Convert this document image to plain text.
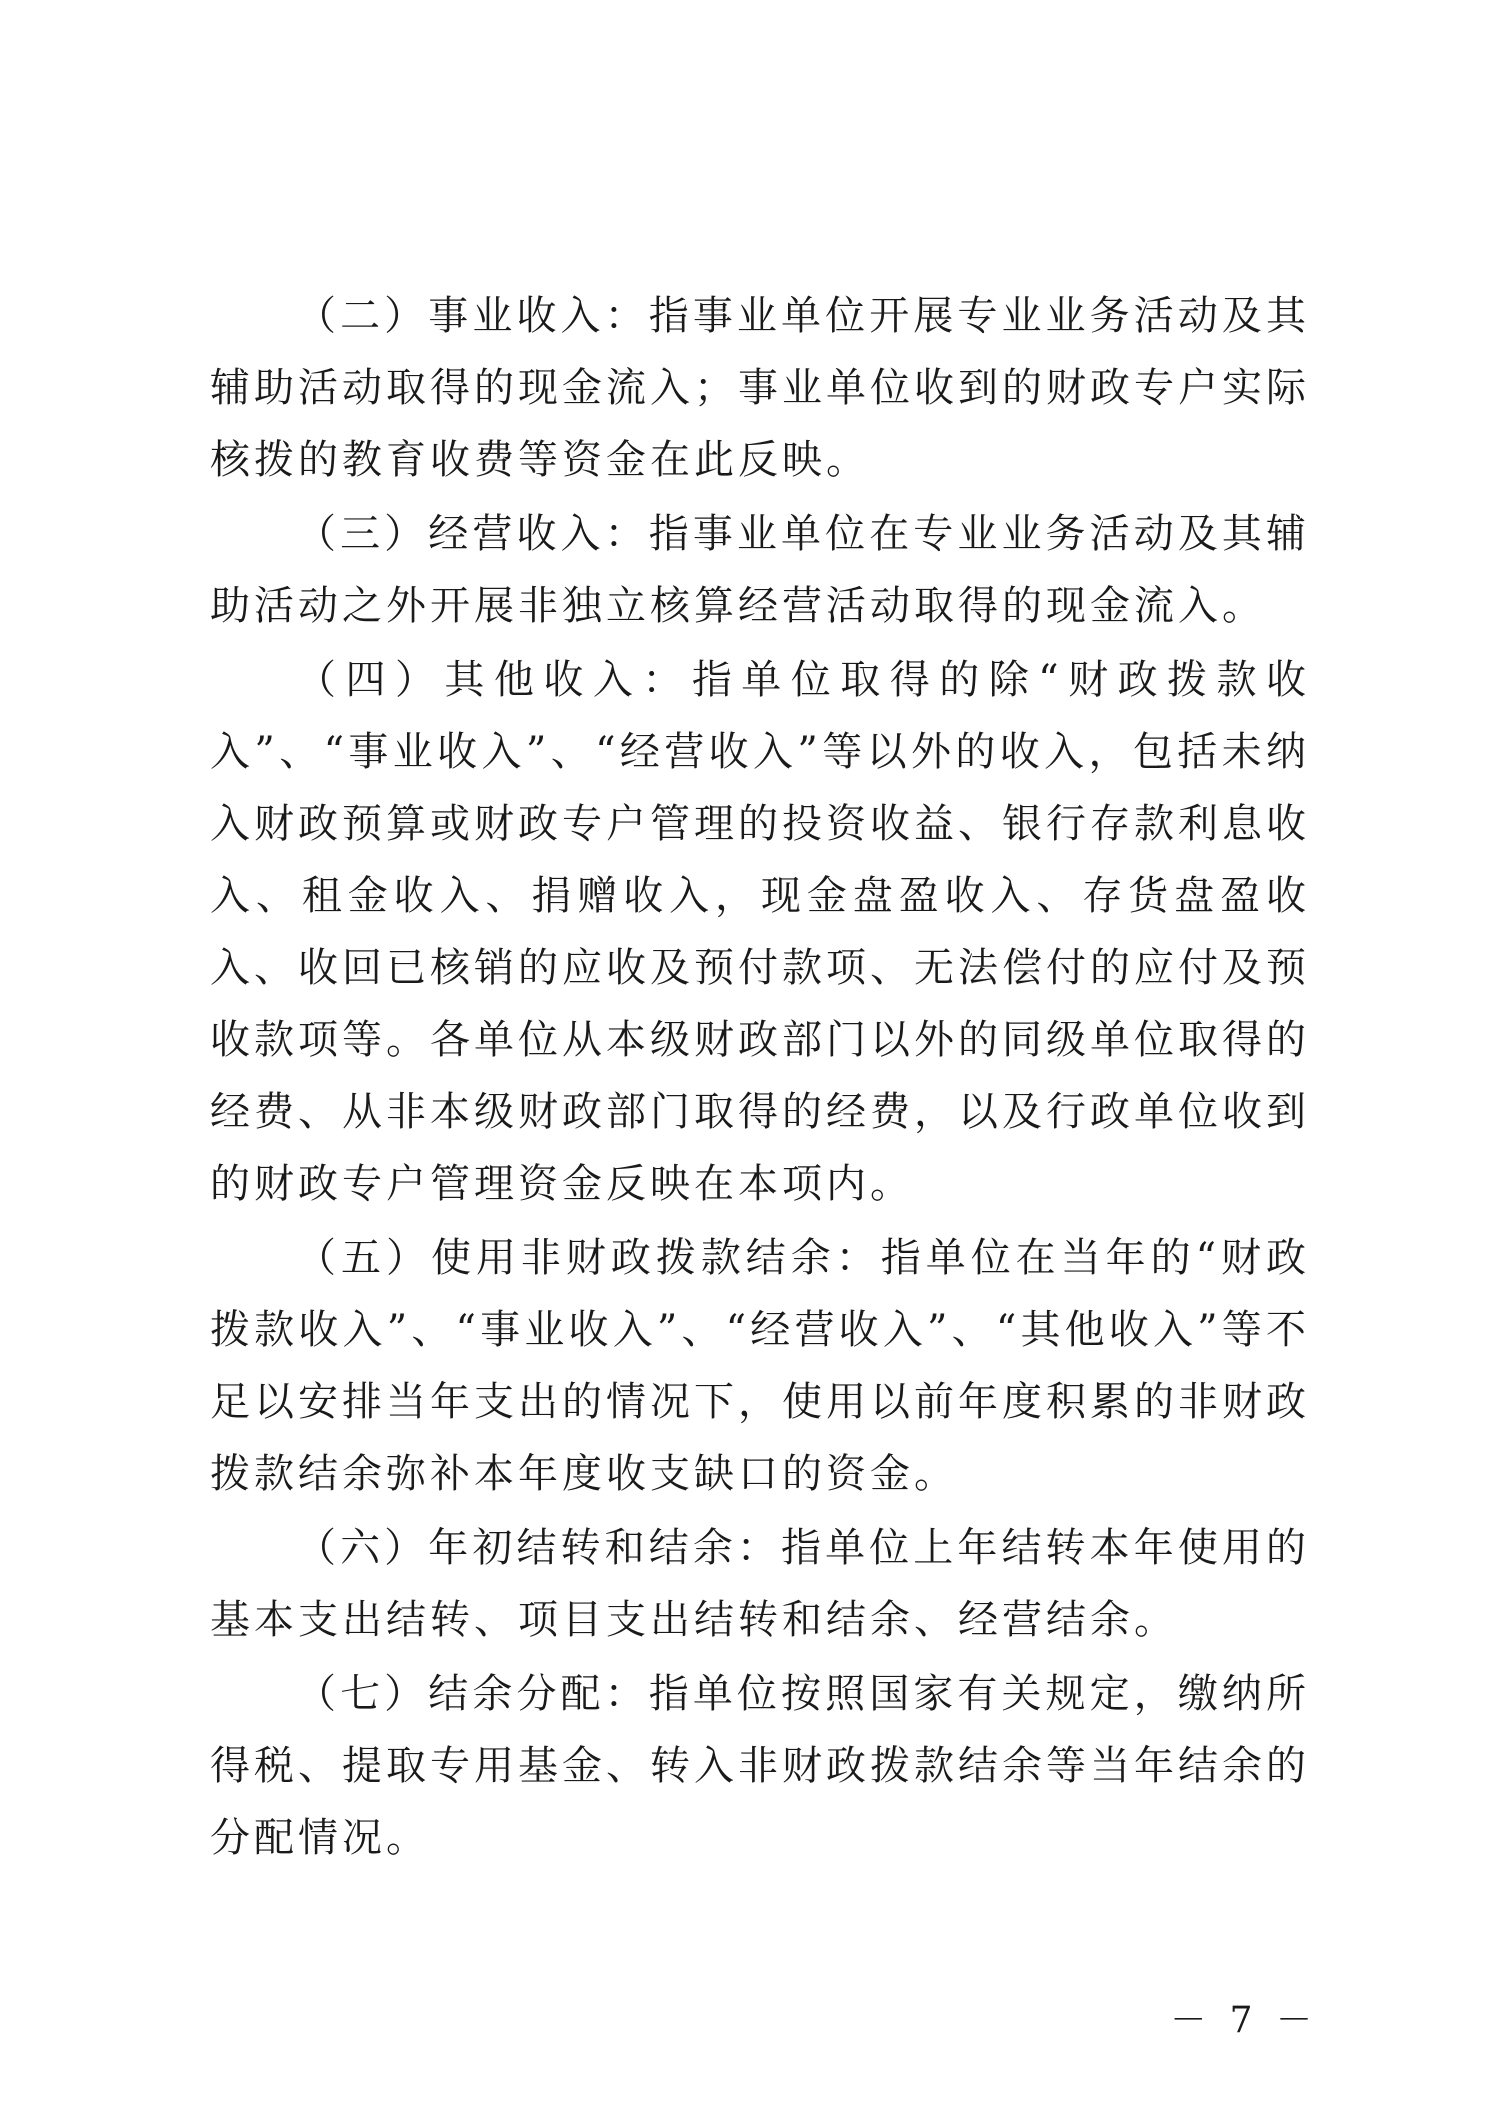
（二）事业收入：指事业单位开展专业业务活动及其辅助活动取得的现金流入；事业单位收到的财政专户实际核拨的教育收费等资金在此反映。

（三）经营收入：指事业单位在专业业务活动及其辅助活动之外开展非独立核算经营活动取得的现金流入。

（四）其他收入：指单位取得的除“财政拨款收入”、“事业收入”、“经营收入”等以外的收入，包括未纳入财政预算或财政专户管理的投资收益、银行存款利息收入、租金收入、捐赠收入，现金盘盈收入、存货盘盈收入、收回已核销的应收及预付款项、无法偿付的应付及预收款项等。各单位从本级财政部门以外的同级单位取得的经费、从非本级财政部门取得的经费，以及行政单位收到的财政专户管理资金反映在本项内。

（五）使用非财政拨款结余：指单位在当年的“财政拨款收入”、“事业收入”、“经营收入”、“其他收入”等不足以安排当年支出的情况下，使用以前年度积累的非财政拨款结余弥补本年度收支缺口的资金。

（六）年初结转和结余：指单位上年结转本年使用的基本支出结转、项目支出结转和结余、经营结余。

（七）结余分配：指单位按照国家有关规定，缴纳所得税、提取专用基金、转入非财政拨款结余等当年结余的分配情况。

－ 7 －
